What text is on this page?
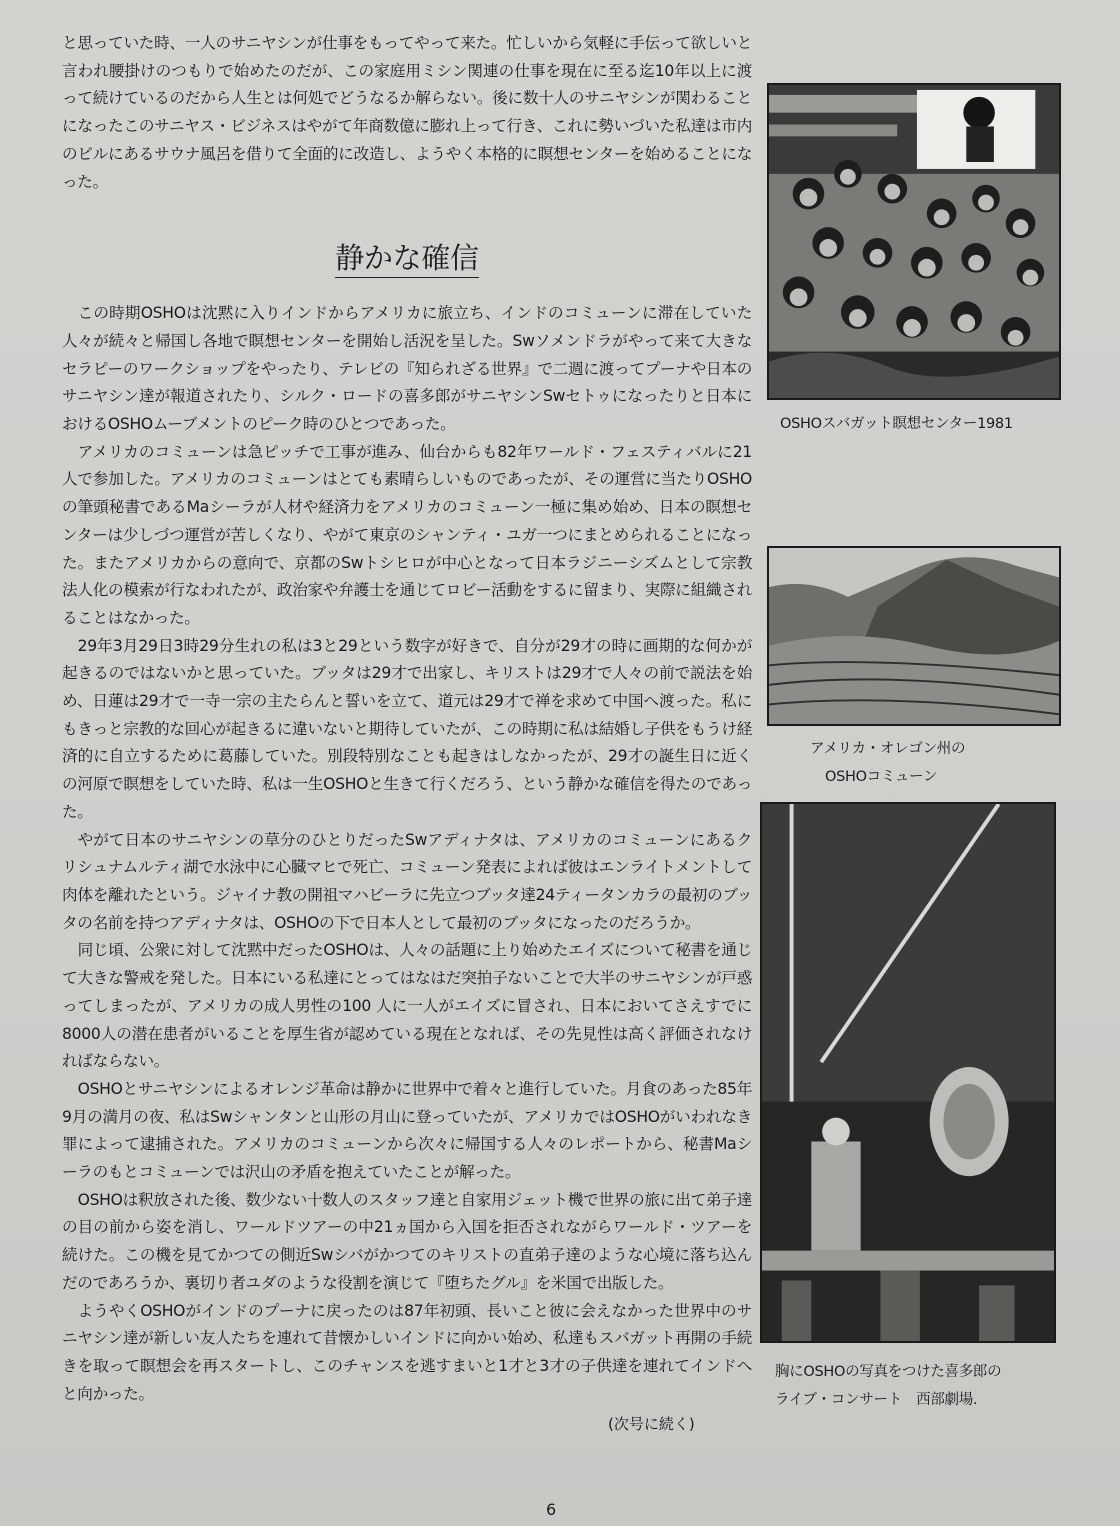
と思っていた時、一人のサニヤシンが仕事をもってやって来た。忙しいから気軽に手伝って欲しいと言われ腰掛けのつもりで始めたのだが、この家庭用ミシン関連の仕事を現在に至る迄10年以上に渡って続けているのだから人生とは何処でどうなるか解らない。後に数十人のサニヤシンが関わることになったこのサニヤス・ビジネスはやがて年商数億に膨れ上って行き、これに勢いづいた私達は市内のビルにあるサウナ風呂を借りて全面的に改造し、ようやく本格的に瞑想センターを始めることになった。

静かな確信

この時期OSHOは沈黙に入りインドからアメリカに旅立ち、インドのコミューンに滞在していた人々が続々と帰国し各地で瞑想センターを開始し活況を呈した。Swソメンドラがやって来て大きなセラピーのワークショップをやったり、テレビの『知られざる世界』で二週に渡ってプーナや日本のサニヤシン達が報道されたり、シルク・ロードの喜多郎がサニヤシンSwセトゥになったりと日本におけるOSHOムーブメントのピーク時のひとつであった。

アメリカのコミューンは急ピッチで工事が進み、仙台からも82年ワールド・フェスティバルに21人で参加した。アメリカのコミューンはとても素晴らしいものであったが、その運営に当たりOSHOの筆頭秘書であるMaシーラが人材や経済力をアメリカのコミューン一極に集め始め、日本の瞑想センターは少しづつ運営が苦しくなり、やがて東京のシャンティ・ユガ一つにまとめられることになった。またアメリカからの意向で、京都のSwトシヒロが中心となって日本ラジニーシズムとして宗教法人化の模索が行なわれたが、政治家や弁護士を通じてロビー活動をするに留まり、実際に組織されることはなかった。

29年3月29日3時29分生れの私は3と29という数字が好きで、自分が29才の時に画期的な何かが起きるのではないかと思っていた。ブッタは29才で出家し、キリストは29才で人々の前で説法を始め、日蓮は29才で一寺一宗の主たらんと誓いを立て、道元は29才で禅を求めて中国へ渡った。私にもきっと宗教的な回心が起きるに違いないと期待していたが、この時期に私は結婚し子供をもうけ経済的に自立するために葛藤していた。別段特別なことも起きはしなかったが、29才の誕生日に近くの河原で瞑想をしていた時、私は一生OSHOと生きて行くだろう、という静かな確信を得たのであった。

やがて日本のサニヤシンの草分のひとりだったSwアディナタは、アメリカのコミューンにあるクリシュナムルティ湖で水泳中に心臓マヒで死亡、コミューン発表によれば彼はエンライトメントして肉体を離れたという。ジャイナ教の開祖マハビーラに先立つブッタ達24ティータンカラの最初のブッタの名前を持つアディナタは、OSHOの下で日本人として最初のブッタになったのだろうか。

同じ頃、公衆に対して沈黙中だったOSHOは、人々の話題に上り始めたエイズについて秘書を通じて大きな警戒を発した。日本にいる私達にとってはなはだ突拍子ないことで大半のサニヤシンが戸惑ってしまったが、アメリカの成人男性の100 人に一人がエイズに冒され、日本においてさえすでに8000人の潜在患者がいることを厚生省が認めている現在となれば、その先見性は高く評価されなければならない。

OSHOとサニヤシンによるオレンジ革命は静かに世界中で着々と進行していた。月食のあった85年9月の満月の夜、私はSwシャンタンと山形の月山に登っていたが、アメリカではOSHOがいわれなき罪によって逮捕された。アメリカのコミューンから次々に帰国する人々のレポートから、秘書Maシーラのもとコミューンでは沢山の矛盾を抱えていたことが解った。

OSHOは釈放された後、数少ない十数人のスタッフ達と自家用ジェット機で世界の旅に出て弟子達の目の前から姿を消し、ワールドツアーの中21ヵ国から入国を拒否されながらワールド・ツアーを続けた。この機を見てかつての側近Swシバがかつてのキリストの直弟子達のような心境に落ち込んだのであろうか、裏切り者ユダのような役割を演じて『堕ちたグル』を米国で出版した。

ようやくOSHOがインドのプーナに戻ったのは87年初頭、長いこと彼に会えなかった世界中のサニヤシン達が新しい友人たちを連れて昔懐かしいインドに向かい始め、私達もスバガット再開の手続きを取って瞑想会を再スタートし、このチャンスを逃すまいと1才と3才の子供達を連れてインドへと向かった。

(次号に続く)
OSHOスバガット瞑想センター1981
アメリカ・オレゴン州の
OSHOコミューン
胸にOSHOの写真をつけた喜多郎の
ライブ・コンサート　西部劇場.
6
